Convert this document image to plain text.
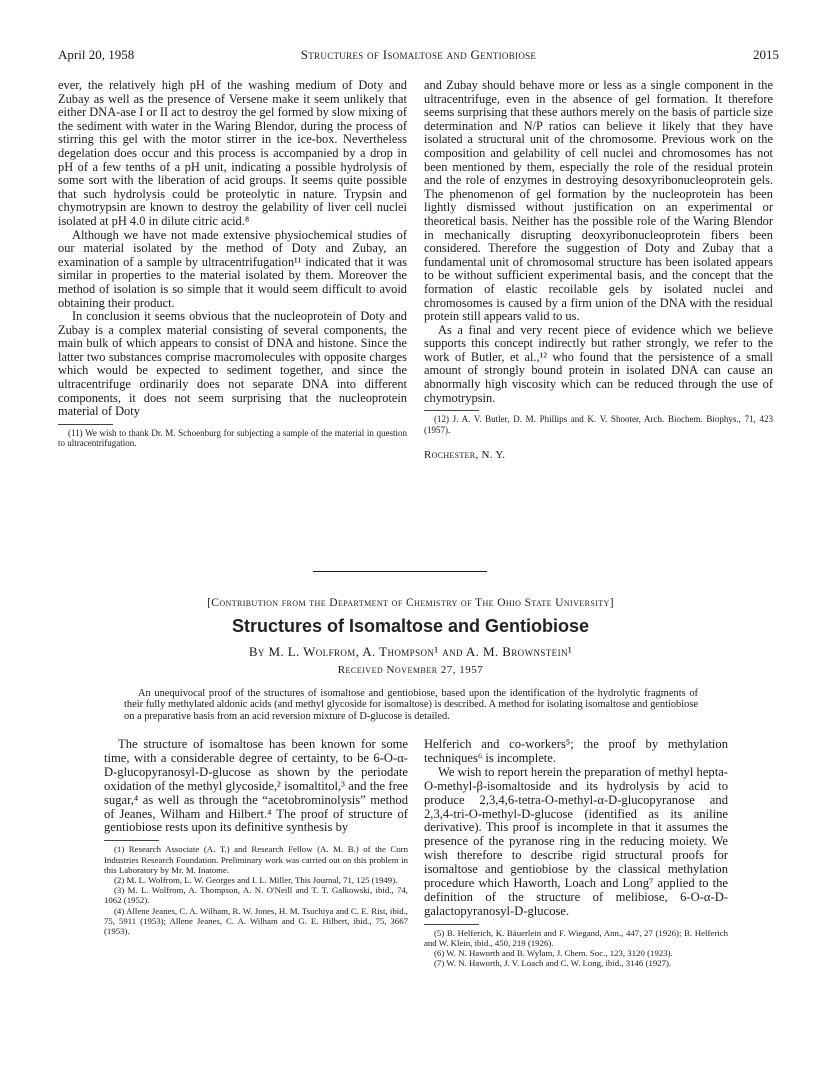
April 20, 1958	Structures of Isomaltose and Gentiobiose	2015

ever, the relatively high pH of the washing medium of Doty and Zubay as well as the presence of Versene make it seem unlikely that either DNA-ase I or II act to destroy the gel formed by slow mixing of the sediment with water in the Waring Blendor, during the process of stirring this gel with the motor stirrer in the ice-box. Nevertheless degelation does occur and this process is accompanied by a drop in pH of a few tenths of a pH unit, indicating a possible hydrolysis of some sort with the liberation of acid groups. It seems quite possible that such hydrolysis could be proteolytic in nature. Trypsin and chymotrypsin are known to destroy the gelability of liver cell nuclei isolated at pH 4.0 in dilute citric acid.⁸

Although we have not made extensive physiochemical studies of our material isolated by the method of Doty and Zubay, an examination of a sample by ultracentrifugation¹¹ indicated that it was similar in properties to the material isolated by them. Moreover the method of isolation is so simple that it would seem difficult to avoid obtaining their product.

In conclusion it seems obvious that the nucleoprotein of Doty and Zubay is a complex material consisting of several components, the main bulk of which appears to consist of DNA and histone. Since the latter two substances comprise macromolecules with opposite charges which would be expected to sediment together, and since the ultracentrifuge ordinarily does not separate DNA into different components, it does not seem surprising that the nucleoprotein material of Doty

(11) We wish to thank Dr. M. Schoenburg for subjecting a sample of the material in question to ultracentrifugation.

and Zubay should behave more or less as a single component in the ultracentrifuge, even in the absence of gel formation. It therefore seems surprising that these authors merely on the basis of particle size determination and N/P ratios can believe it likely that they have isolated a structural unit of the chromosome. Previous work on the composition and gelability of cell nuclei and chromosomes has not been mentioned by them, especially the role of the residual protein and the role of enzymes in destroying desoxyribonucleoprotein gels. The phenomenon of gel formation by the nucleoprotein has been lightly dismissed without justification on an experimental or theoretical basis. Neither has the possible role of the Waring Blendor in mechanically disrupting deoxyribonucleoprotein fibers been considered. Therefore the suggestion of Doty and Zubay that a fundamental unit of chromosomal structure has been isolated appears to be without sufficient experimental basis, and the concept that the formation of elastic recoilable gels by isolated nuclei and chromosomes is caused by a firm union of the DNA with the residual protein still appears valid to us.

As a final and very recent piece of evidence which we believe supports this concept indirectly but rather strongly, we refer to the work of Butler, et al.,¹² who found that the persistence of a small amount of strongly bound protein in isolated DNA can cause an abnormally high viscosity which can be reduced through the use of chymotrypsin.

(12) J. A. V. Butler, D. M. Phillips and K. V. Shooter, Arch. Biochem. Biophys., 71, 423 (1957).

Rochester, N. Y.
[Contribution from the Department of Chemistry of The Ohio State University]
Structures of Isomaltose and Gentiobiose
By M. L. Wolfrom, A. Thompson¹ and A. M. Brownstein¹
Received November 27, 1957
An unequivocal proof of the structures of isomaltose and gentiobiose, based upon the identification of the hydrolytic fragments of their fully methylated aldonic acids (and methyl glycoside for isomaltose) is described. A method for isolating isomaltose and gentiobiose on a preparative basis from an acid reversion mixture of D-glucose is detailed.

The structure of isomaltose has been known for some time, with a considerable degree of certainty, to be 6-O-α-D-glucopyranosyl-D-glucose as shown by the periodate oxidation of the methyl glycoside,² isomaltitol,³ and the free sugar,⁴ as well as through the “acetobrominolysis” method of Jeanes, Wilham and Hilbert.⁴ The proof of structure of gentiobiose rests upon its definitive synthesis by

(1) Research Associate (A. T.) and Research Fellow (A. M. B.) of the Corn Industries Research Foundation. Preliminary work was carried out on this problem in this Laboratory by Mr. M. Inatome.

(2) M. L. Wolfrom, L. W. Georges and I. L. Miller, This Journal, 71, 125 (1949).

(3) M. L. Wolfrom, A. Thompson, A. N. O'Neill and T. T. Galkowski, ibid., 74, 1062 (1952).

(4) Allene Jeanes, C. A. Wilham, R. W. Jones, H. M. Tsuchiya and C. E. Rist, ibid., 75, 5911 (1953); Allene Jeanes, C. A. Wilham and G. E. Hilbert, ibid., 75, 3667 (1953).

Helferich and co-workers⁵; the proof by methylation techniques⁶ is incomplete.

We wish to report herein the preparation of methyl hepta-O-methyl-β-isomaltoside and its hydrolysis by acid to produce 2,3,4,6-tetra-O-methyl-α-D-glucopyranose and 2,3,4-tri-O-methyl-D-glucose (identified as its aniline derivative). This proof is incomplete in that it assumes the presence of the pyranose ring in the reducing moiety. We wish therefore to describe rigid structural proofs for isomaltose and gentiobiose by the classical methylation procedure which Haworth, Loach and Long⁷ applied to the definition of the structure of melibiose, 6-O-α-D-galactopyranosyl-D-glucose.

(5) B. Helferich, K. Bäuerlein and F. Wiegand, Ann., 447, 27 (1926); B. Helferich and W. Klein, ibid., 450, 219 (1926).

(6) W. N. Haworth and B. Wylam, J. Chem. Soc., 123, 3120 (1923).

(7) W. N. Haworth, J. V. Loach and C. W. Long, ibid., 3146 (1927).
